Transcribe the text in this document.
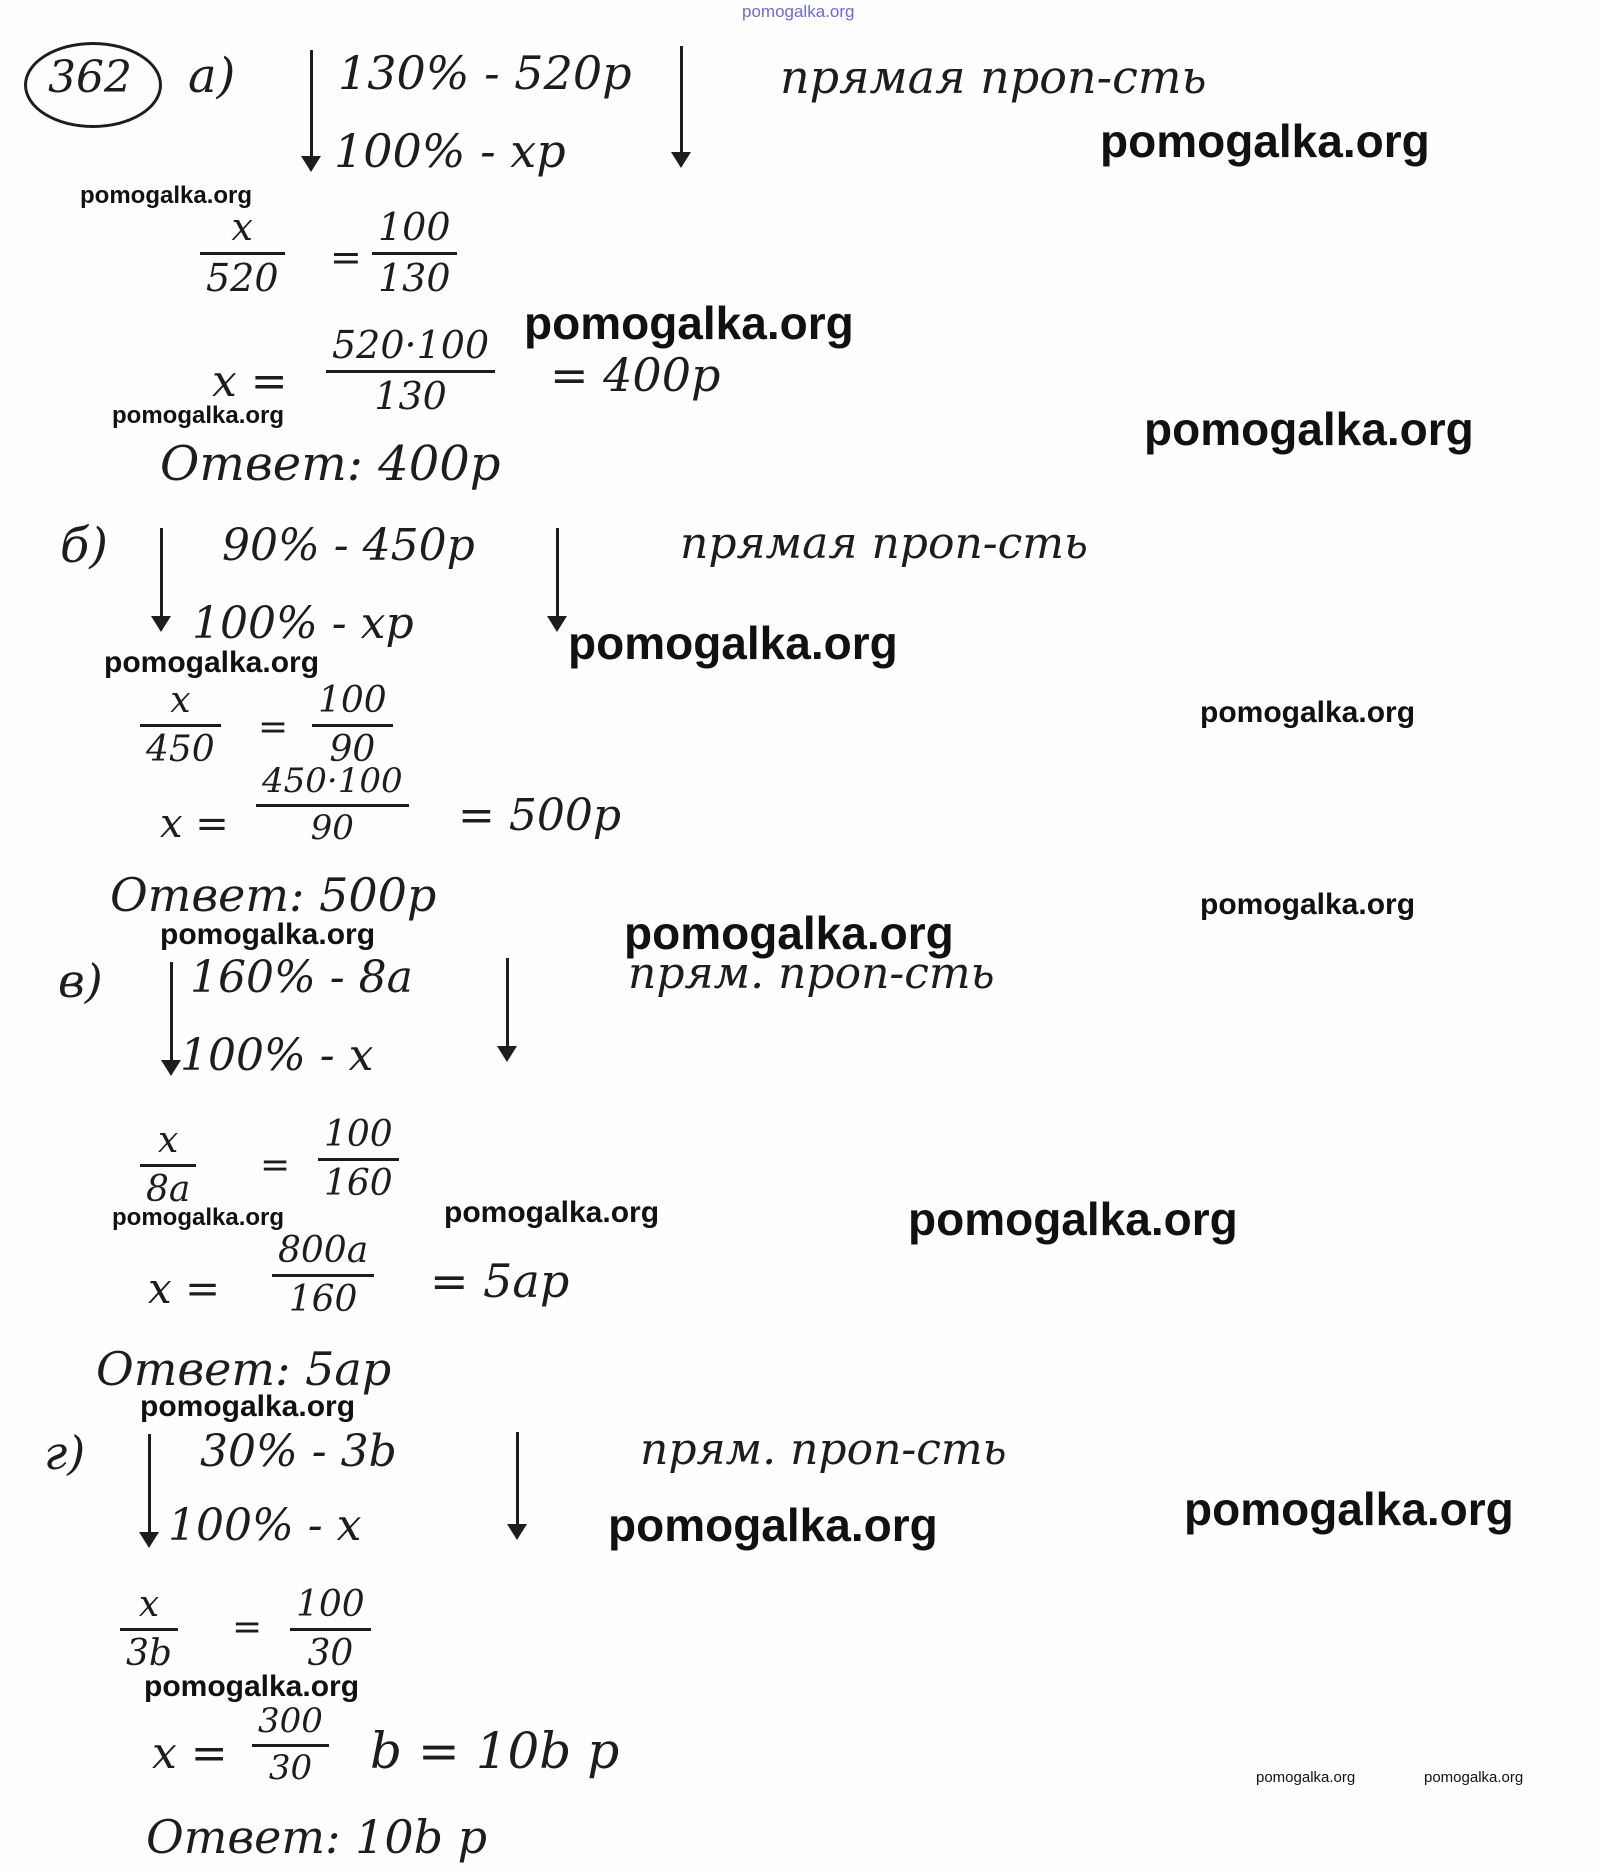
pomogalka.org
362 а) 130% - 520р
100% - xр
прямая проп-сть
x
520 =
100
130
x =
520·100
130 = 400р
Ответ: 400р
б)	90% - 450р
100% - xр
прямая проп-сть
x
450
=
100
90
x =
450·100
90 = 500р
Ответ: 500р
в) 160% - 8a
100% - x
прям. проп-сть
x
8a
=
100
160
x =
800a
160 = 5aр
Ответ: 5aр
г)	30% - 3b
100% - x
прям. проп-сть
x
3b
=
100
30
x =
300
30 b = 10b р
Ответ: 10b р
pomogalka.org
pomogalka.org
pomogalka.org
pomogalka.org	pomogalka.org
pomogalka.org
pomogalka.org
pomogalka.org
pomogalka.org
pomogalka.org	pomogalka.org
pomogalka.org	pomogalka.org	pomogalka.org
pomogalka.org
pomogalka.org
pomogalka.org
pomogalka.org
pomogalka.org	pomogalka.org
